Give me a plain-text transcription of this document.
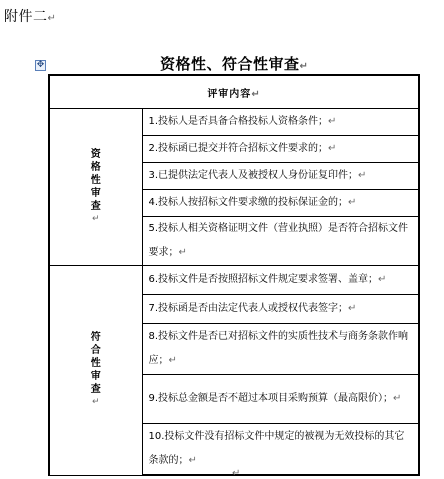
附件二↵
✥	资格性、符合性审查↵
评审内容↵	
资格性审查
↵	1.投标人是否具备合格投标人资格条件；↵
	2.投标函已提交并符合招标文件要求的；↵
	3.已提供法定代表人及被授权人身份证复印件；↵
	4.投标人按招标文件要求缴的投标保证金的；↵
	5.投标人相关资格证明文件（营业执照）是否符合招标文件要求；↵
符合性审查
↵	6.投标文件是否按照招标文件规定要求签署、盖章；↵
	7.投标函是否由法定代表人或授权代表签字；↵
	8.投标文件是否已对招标文件的实质性技术与商务条款作响应；↵
	9.投标总金额是否不超过本项目采购预算（最高限价）；↵
	10.投标文件没有招标文件中规定的被视为无效投标的其它条款的；↵
↵
